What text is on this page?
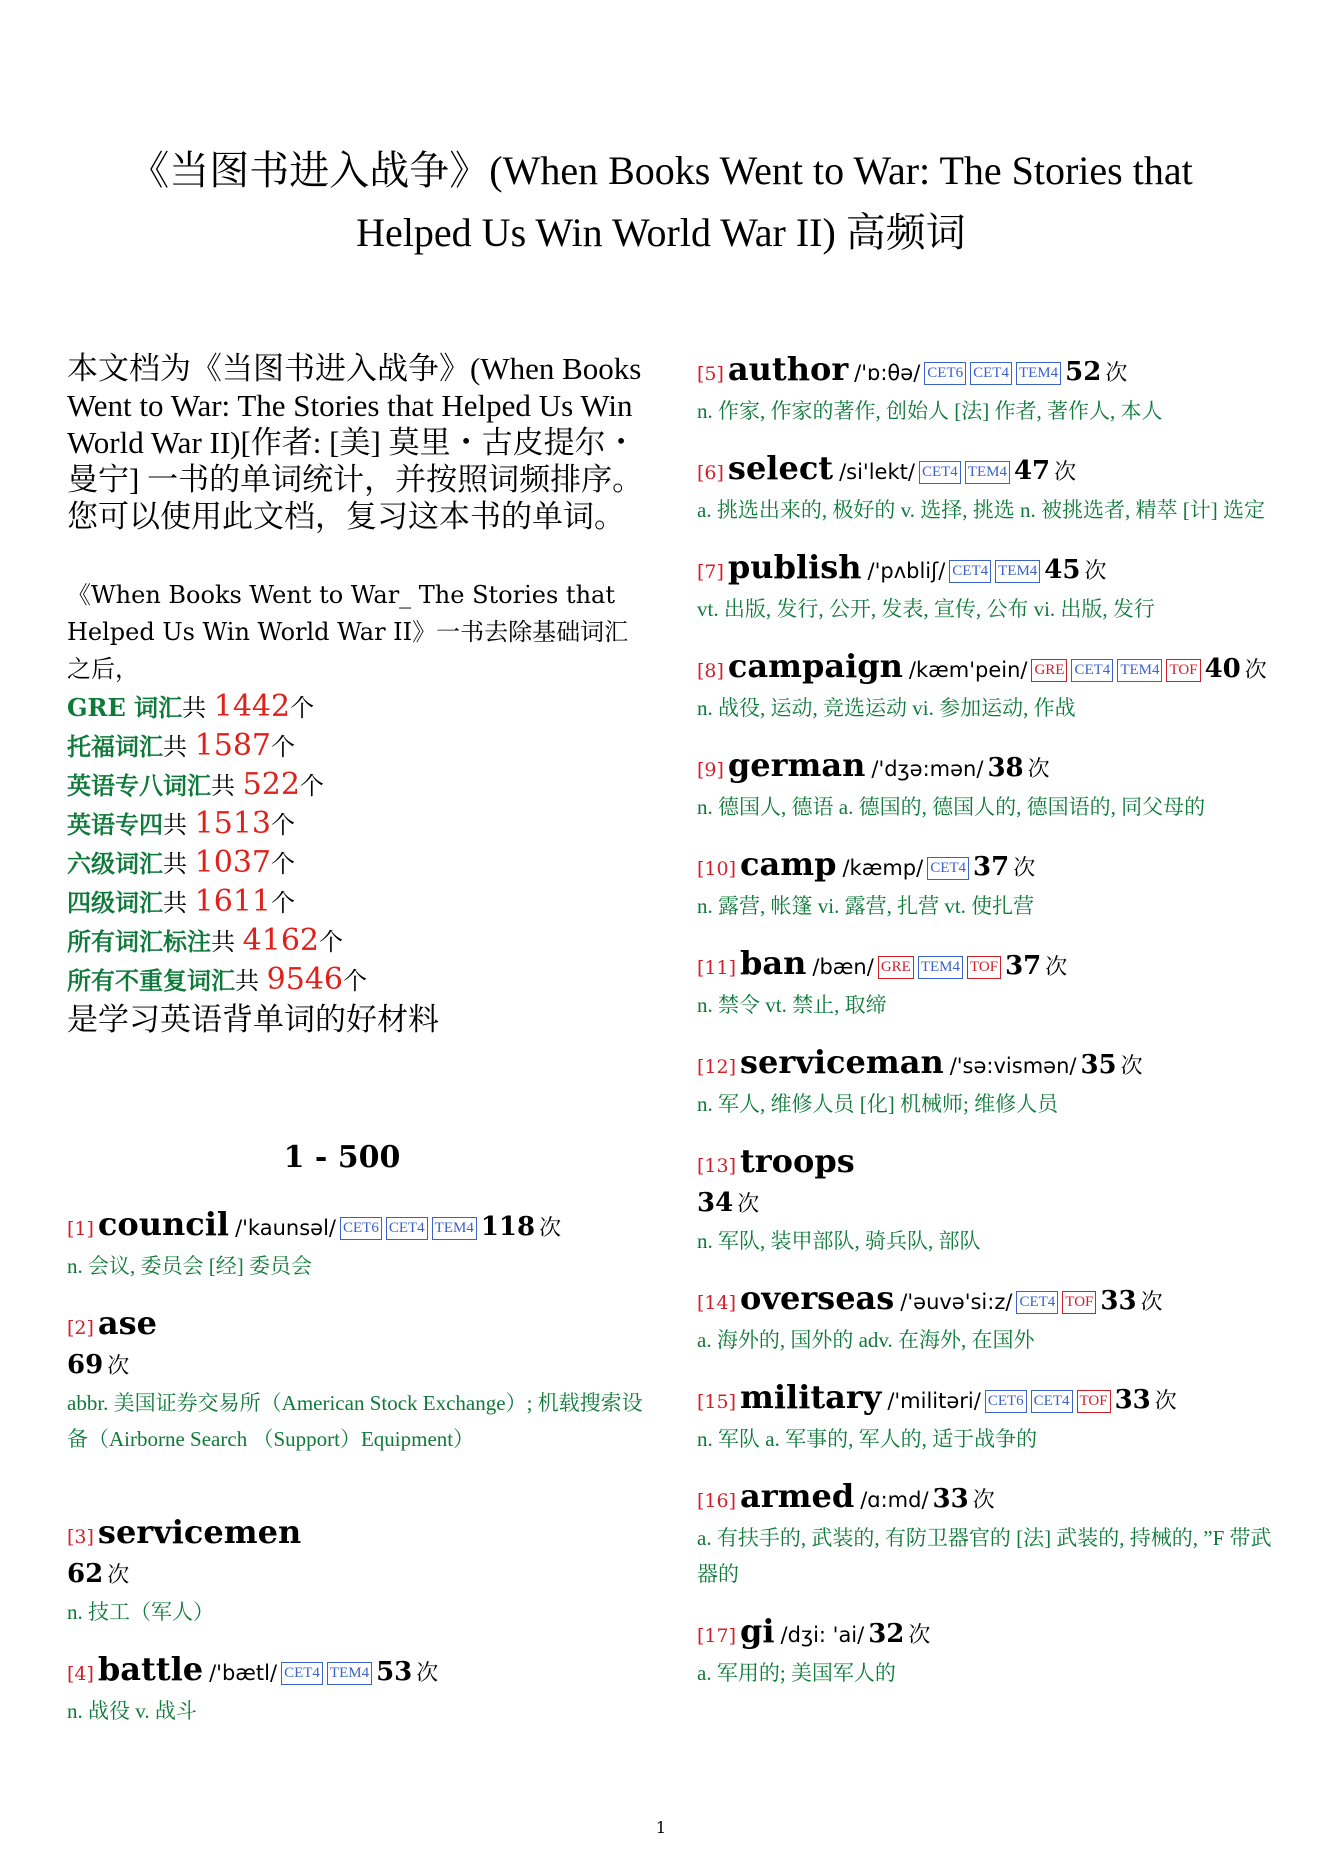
《当图书进入战争》(When Books Went to War: The Stories that
Helped Us Win World War II) 高频词

本文档为《当图书进入战争》(When Books Went to War: The Stories that Helped Us Win World War II)[作者: [美] 莫里・古皮提尔・曼宁] 一书的单词统计，并按照词频排序。
您可以使用此文档，复习这本书的单词。

《When Books Went to War_ The Stories that Helped Us Win World War II》一书去除基础词汇之后，
GRE 词汇共 1442个
托福词汇共 1587个
英语专八词汇共 522个
英语专四共 1513个
六级词汇共 1037个
四级词汇共 1611个
所有词汇标注共 4162个
所有不重复词汇共 9546个
是学习英语背单词的好材料
1 - 500
[1] council /'kaunsəl/ CET6 CET4 TEM4 118 次
n. 会议, 委员会 [经] 委员会
[2] ase
69 次
abbr. 美国证券交易所（American Stock Exchange）; 机载搜索设备（Airborne Search （Support）Equipment）
[3] servicemen
62 次
n. 技工（军人）
[4] battle /'bætl/ CET4 TEM4 53 次
n. 战役 v. 战斗
[5] author /'ɒ:θə/ CET6 CET4 TEM4 52 次
n. 作家, 作家的著作, 创始人 [法] 作者, 著作人, 本人
[6] select /si'lekt/ CET4 TEM4 47 次
a. 挑选出来的, 极好的 v. 选择, 挑选 n. 被挑选者, 精萃 [计] 选定
[7] publish /'pʌbliʃ/ CET4 TEM4 45 次
vt. 出版, 发行, 公开, 发表, 宣传, 公布 vi. 出版, 发行
[8] campaign /kæm'pein/ GRE CET4 TEM4 TOF 40 次
n. 战役, 运动, 竞选运动 vi. 参加运动, 作战
[9] german /'dʒə:mən/ 38 次
n. 德国人, 德语 a. 德国的, 德国人的, 德国语的, 同父母的
[10] camp /kæmp/ CET4 37 次
n. 露营, 帐篷 vi. 露营, 扎营 vt. 使扎营
[11] ban /bæn/ GRE TEM4 TOF 37 次
n. 禁令 vt. 禁止, 取缔
[12] serviceman /'sə:vismən/ 35 次
n. 军人, 维修人员 [化] 机械师; 维修人员
[13] troops
34 次
n. 军队, 装甲部队, 骑兵队, 部队
[14] overseas /'əuvə'si:z/ CET4 TOF 33 次
a. 海外的, 国外的 adv. 在海外, 在国外
[15] military /'militəri/ CET6 CET4 TOF 33 次
n. 军队 a. 军事的, 军人的, 适于战争的
[16] armed /ɑ:md/ 33 次
a. 有扶手的, 武装的, 有防卫器官的 [法] 武装的, 持械的, ”F 带武器的
[17] gi /dʒi: 'ai/ 32 次
a. 军用的; 美国军人的
1
